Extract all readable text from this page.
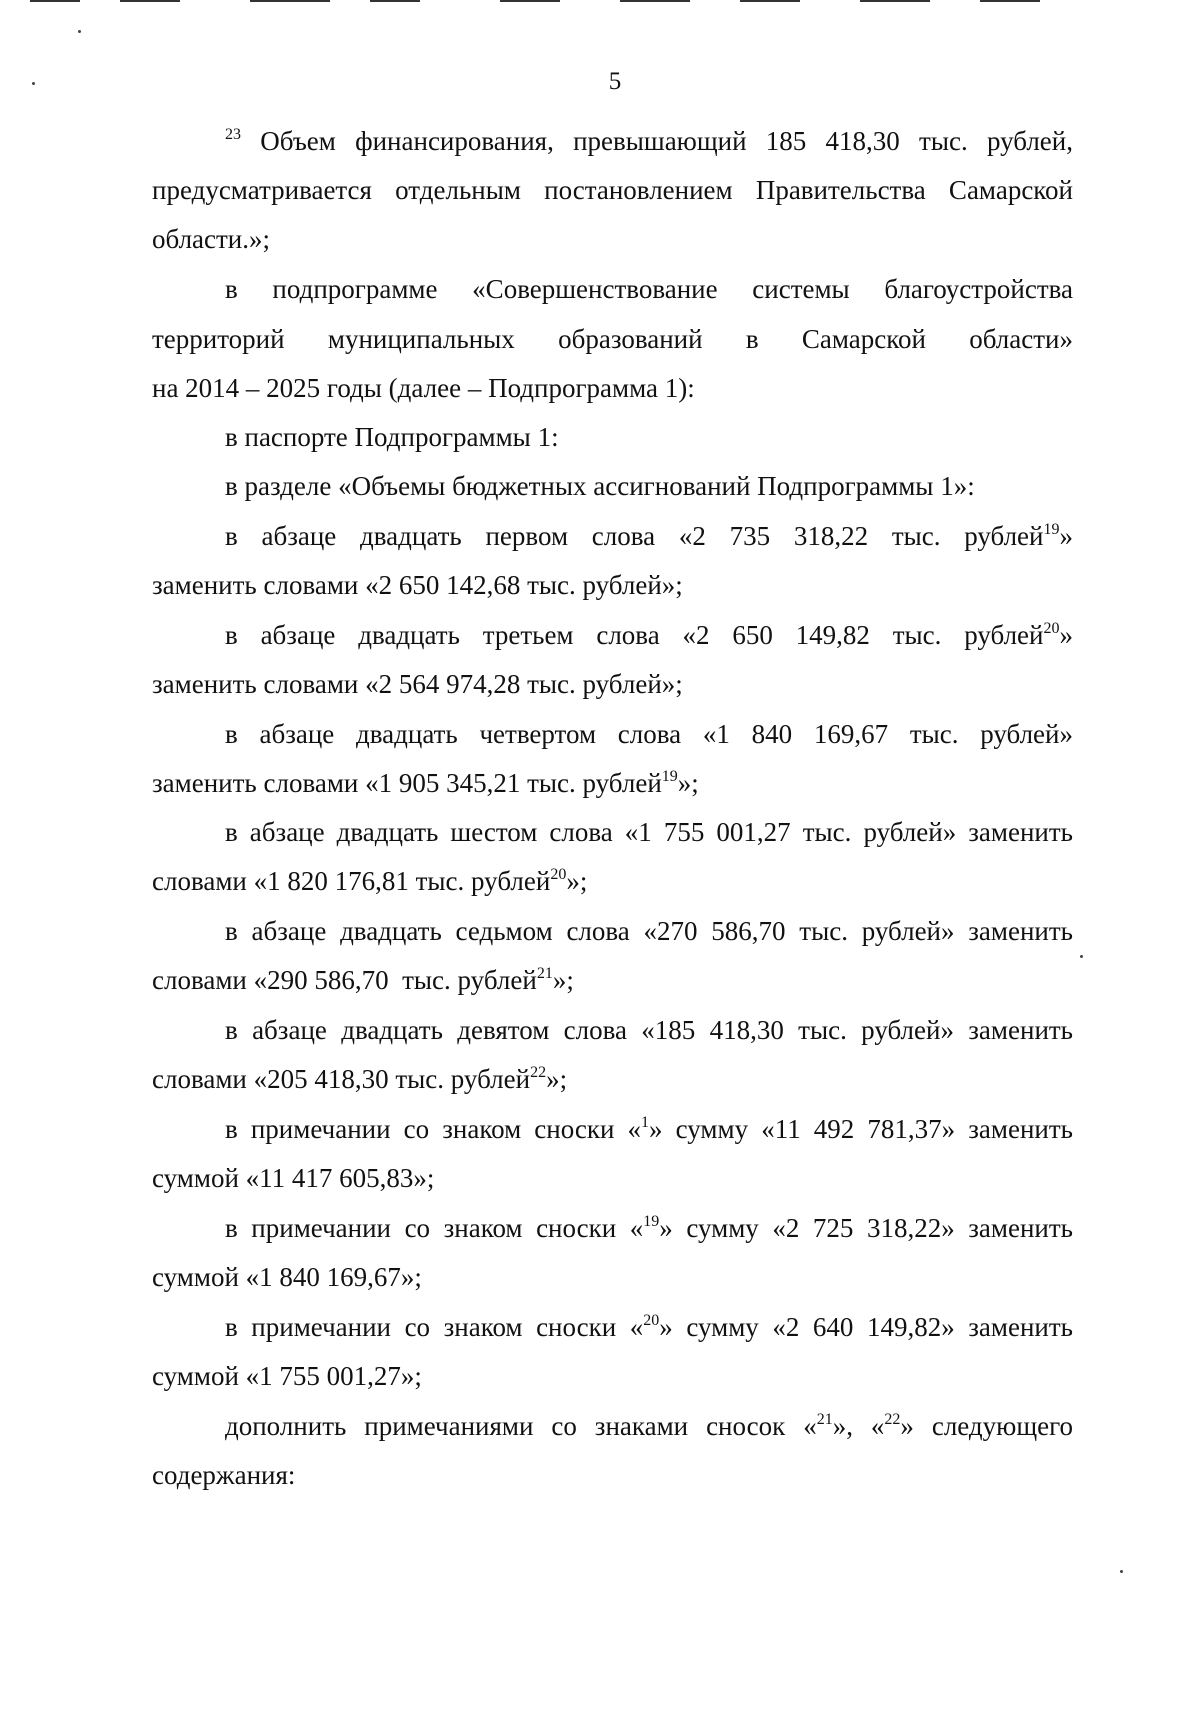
5
$^{23}$ Объем финансирования, превышающий 185 418,30 тыс. рублей,
предусматривается отдельным постановлением Правительства Самарской
области.»;
в подпрограмме «Совершенствование системы благоустройства
территорий муниципальных образований в Самарской области»
на 2014 – 2025 годы (далее – Подпрограмма 1):
в паспорте Подпрограммы 1:
в разделе «Объемы бюджетных ассигнований Подпрограммы 1»:
в абзаце двадцать первом слова «2 735 318,22 тыс. рублей$^{19}$»
заменить словами «2 650 142,68 тыс. рублей»;
в абзаце двадцать третьем слова «2 650 149,82 тыс. рублей$^{20}$»
заменить словами «2 564 974,28 тыс. рублей»;
в абзаце двадцать четвертом слова «1 840 169,67 тыс. рублей»
заменить словами «1 905 345,21 тыс. рублей$^{19}$»;
в абзаце двадцать шестом слова «1 755 001,27 тыс. рублей» заменить
словами «1 820 176,81 тыс. рублей$^{20}$»;
в абзаце двадцать седьмом слова «270 586,70 тыс. рублей» заменить
словами «290 586,70  тыс. рублей$^{21}$»;
в абзаце двадцать девятом слова «185 418,30 тыс. рублей» заменить
словами «205 418,30 тыс. рублей$^{22}$»;
в примечании со знаком сноски «$^1$» сумму «11 492 781,37» заменить
суммой «11 417 605,83»;
в примечании со знаком сноски «$^{19}$» сумму «2 725 318,22» заменить
суммой «1 840 169,67»;
в примечании со знаком сноски «$^{20}$» сумму «2 640 149,82» заменить
суммой «1 755 001,27»;
дополнить примечаниями со знаками сносок «$^{21}$», «$^{22}$» следующего
содержания:
